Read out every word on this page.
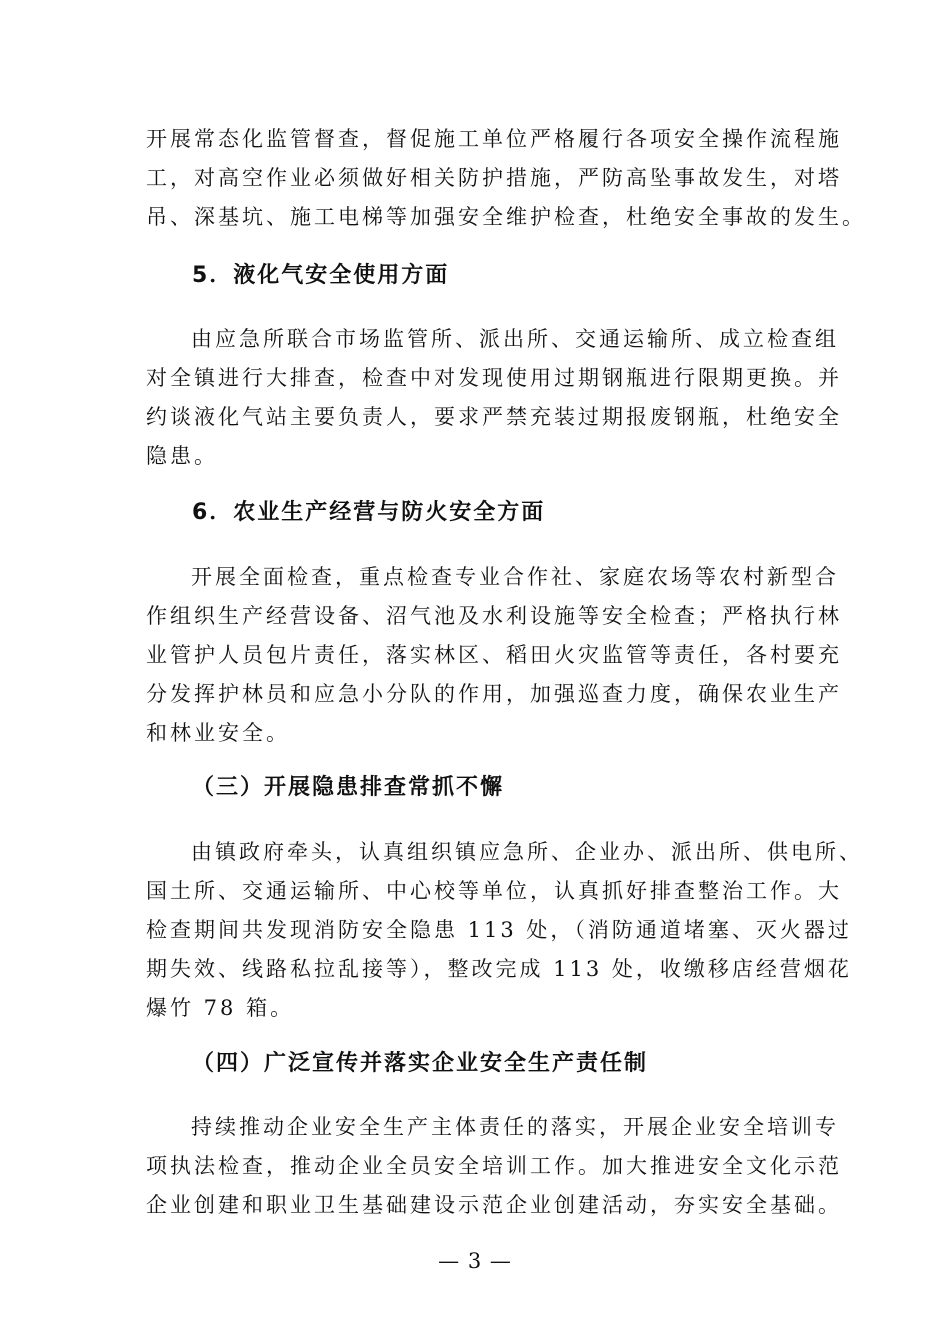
开展常态化监管督查，督促施工单位严格履行各项安全操作流程施
工，对高空作业必须做好相关防护措施，严防高坠事故发生，对塔
吊、深基坑、施工电梯等加强安全维护检查，杜绝安全事故的发生。
5．液化气安全使用方面
由应急所联合市场监管所、派出所、交通运输所、成立检查组
对全镇进行大排查，检查中对发现使用过期钢瓶进行限期更换。并
约谈液化气站主要负责人，要求严禁充装过期报废钢瓶，杜绝安全
隐患。
6．农业生产经营与防火安全方面
开展全面检查，重点检查专业合作社、家庭农场等农村新型合
作组织生产经营设备、沼气池及水利设施等安全检查；严格执行林
业管护人员包片责任，落实林区、稻田火灾监管等责任，各村要充
分发挥护林员和应急小分队的作用，加强巡查力度，确保农业生产
和林业安全。
（三）开展隐患排查常抓不懈
由镇政府牵头，认真组织镇应急所、企业办、派出所、供电所、
国土所、交通运输所、中心校等单位，认真抓好排查整治工作。大
检查期间共发现消防安全隐患 113 处，（消防通道堵塞、灭火器过
期失效、线路私拉乱接等），整改完成 113 处，收缴移店经营烟花
爆竹 78 箱。
（四）广泛宣传并落实企业安全生产责任制
持续推动企业安全生产主体责任的落实，开展企业安全培训专
项执法检查，推动企业全员安全培训工作。加大推进安全文化示范
企业创建和职业卫生基础建设示范企业创建活动，夯实安全基础。
— 3 —
